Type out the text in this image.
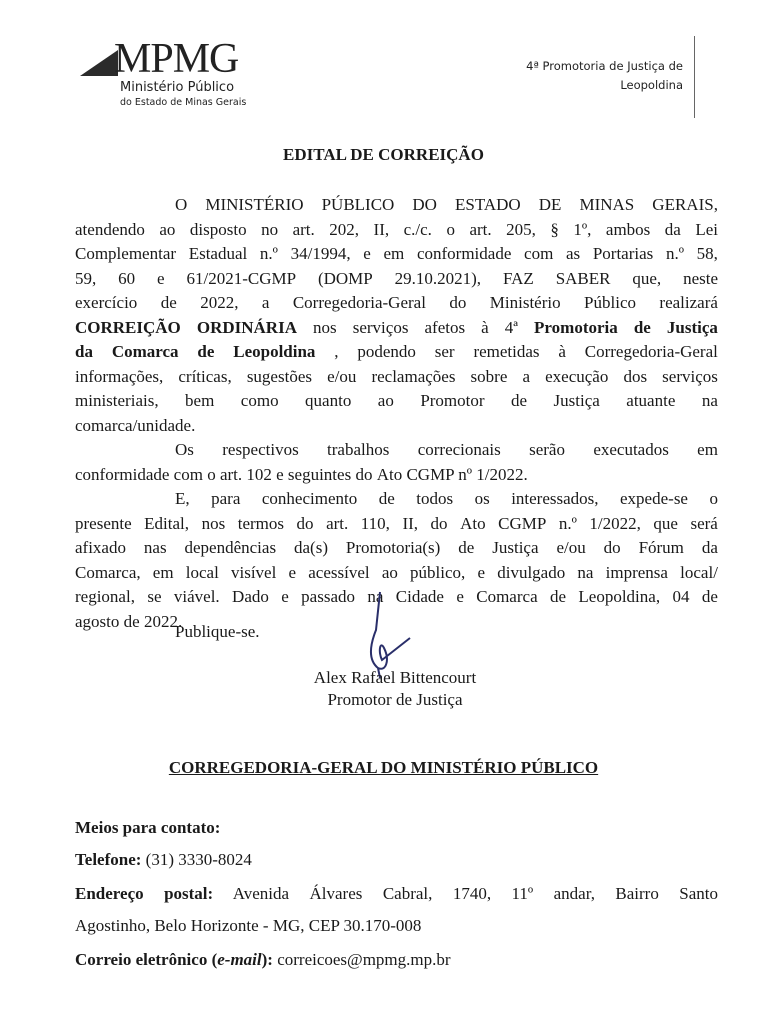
MPMG
Ministério Público
do Estado de Minas Gerais
4ª Promotoria de Justiça de
Leopoldina
EDITAL DE CORREIÇÃO
O MINISTÉRIO PÚBLICO DO ESTADO DE MINAS GERAIS,
atendendo ao disposto no art. 202, II, c./c. o art. 205, § 1º, ambos da Lei
Complementar Estadual n.º 34/1994, e em conformidade com as Portarias n.º 58,
59, 60 e 61/2021-CGMP (DOMP 29.10.2021), FAZ SABER que, neste
exercício de 2022, a Corregedoria-Geral do Ministério Público realizará
CORREIÇÃO ORDINÁRIA nos serviços afetos à 4ª Promotoria de Justiça
da Comarca de Leopoldina , podendo ser remetidas à Corregedoria-Geral
informações, críticas, sugestões e/ou reclamações sobre a execução dos serviços
ministeriais, bem como quanto ao Promotor de Justiça atuante na
comarca/unidade.
Os respectivos trabalhos correcionais serão executados em
conformidade com o art. 102 e seguintes do Ato CGMP nº 1/2022.
E, para conhecimento de todos os interessados, expede-se o
presente Edital, nos termos do art. 110, II, do Ato CGMP n.º 1/2022, que será
afixado nas dependências da(s) Promotoria(s) de Justiça e/ou do Fórum da
Comarca, em local visível e acessível ao público, e divulgado na imprensa local/
regional, se viável. Dado e passado na Cidade e Comarca de Leopoldina, 04 de
agosto de 2022.
Publique-se.
Alex Rafael Bittencourt
Promotor de Justiça
CORREGEDORIA-GERAL DO MINISTÉRIO PÚBLICO
Meios para contato:
Telefone: (31) 3330-8024
Endereço postal: Avenida Álvares Cabral, 1740, 11º andar, Bairro Santo
Agostinho, Belo Horizonte - MG, CEP 30.170-008
Correio eletrônico (e-mail): correicoes@mpmg.mp.br
